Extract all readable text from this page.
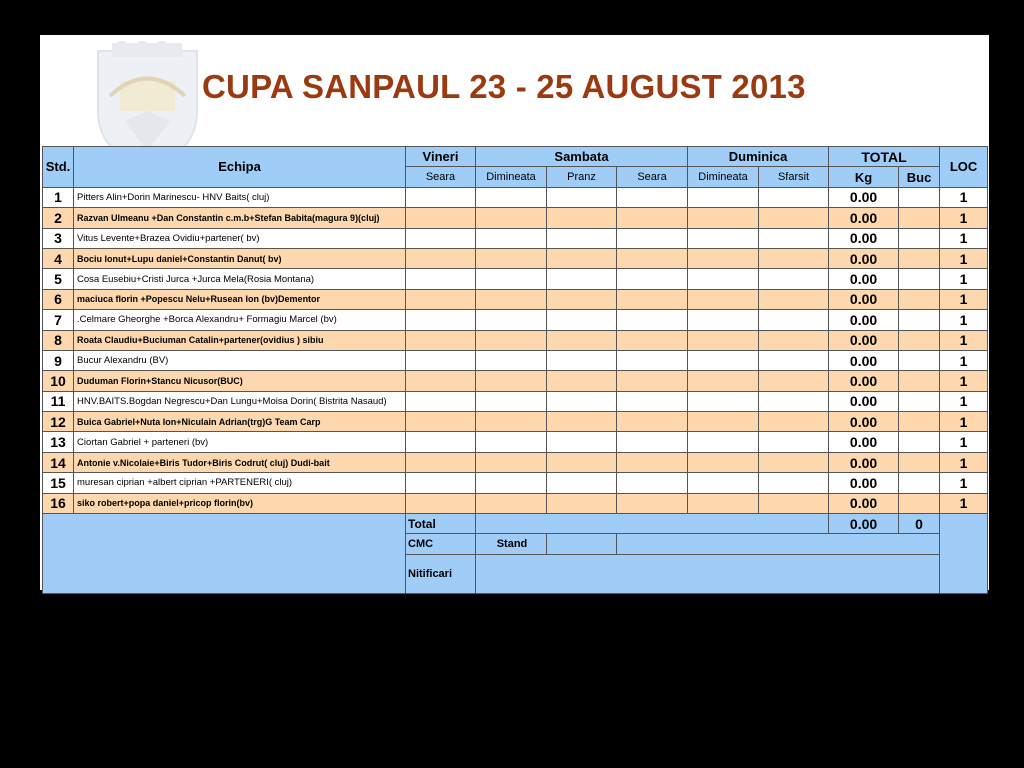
CUPA SANPAUL 23 - 25 AUGUST 2013
Std.	Echipa	Vineri	Sambata			Duminica		TOTAL		LOC
		Seara	Dimineata	Pranz	Seara	Dimineata	Sfarsit	Kg	Buc	
1	Pitters Alin+Dorin Marinescu- HNV Baits( cluj)							0.00		1
2	Razvan Ulmeanu +Dan Constantin c.m.b+Stefan Babita(magura 9)(cluj)							0.00		1
3	Vitus Levente+Brazea Ovidiu+partener( bv)							0.00		1
4	Bociu Ionut+Lupu daniel+Constantin Danut( bv)							0.00		1
5	Cosa Eusebiu+Cristi Jurca +Jurca Mela(Rosia Montana)							0.00		1
6	maciuca florin +Popescu Nelu+Rusean Ion (bv)Dementor							0.00		1
7	.Celmare Gheorghe +Borca Alexandru+ Formagiu Marcel (bv)							0.00		1
8	Roata Claudiu+Buciuman Catalin+partener(ovidius ) sibiu							0.00		1
9	Bucur Alexandru (BV)							0.00		1
10	Duduman Florin+Stancu Nicusor(BUC)							0.00		1
11	HNV.BAITS.Bogdan Negrescu+Dan Lungu+Moisa Dorin( Bistrita Nasaud)							0.00		1
12	Buica Gabriel+Nuta Ion+Niculain Adrian(trg)G Team Carp							0.00		1
13	Ciortan Gabriel + parteneri (bv)							0.00		1
14	Antonie v.Nicolaie+Biris Tudor+Biris Codrut( cluj) Dudi-bait							0.00		1
15	muresan ciprian +albert ciprian +PARTENERI( cluj)							0.00		1
16	siko robert+popa daniel+pricop florin(bv)							0.00		1
		Total						0.00	0	
		CMC	Stand							
		Nitificari								
